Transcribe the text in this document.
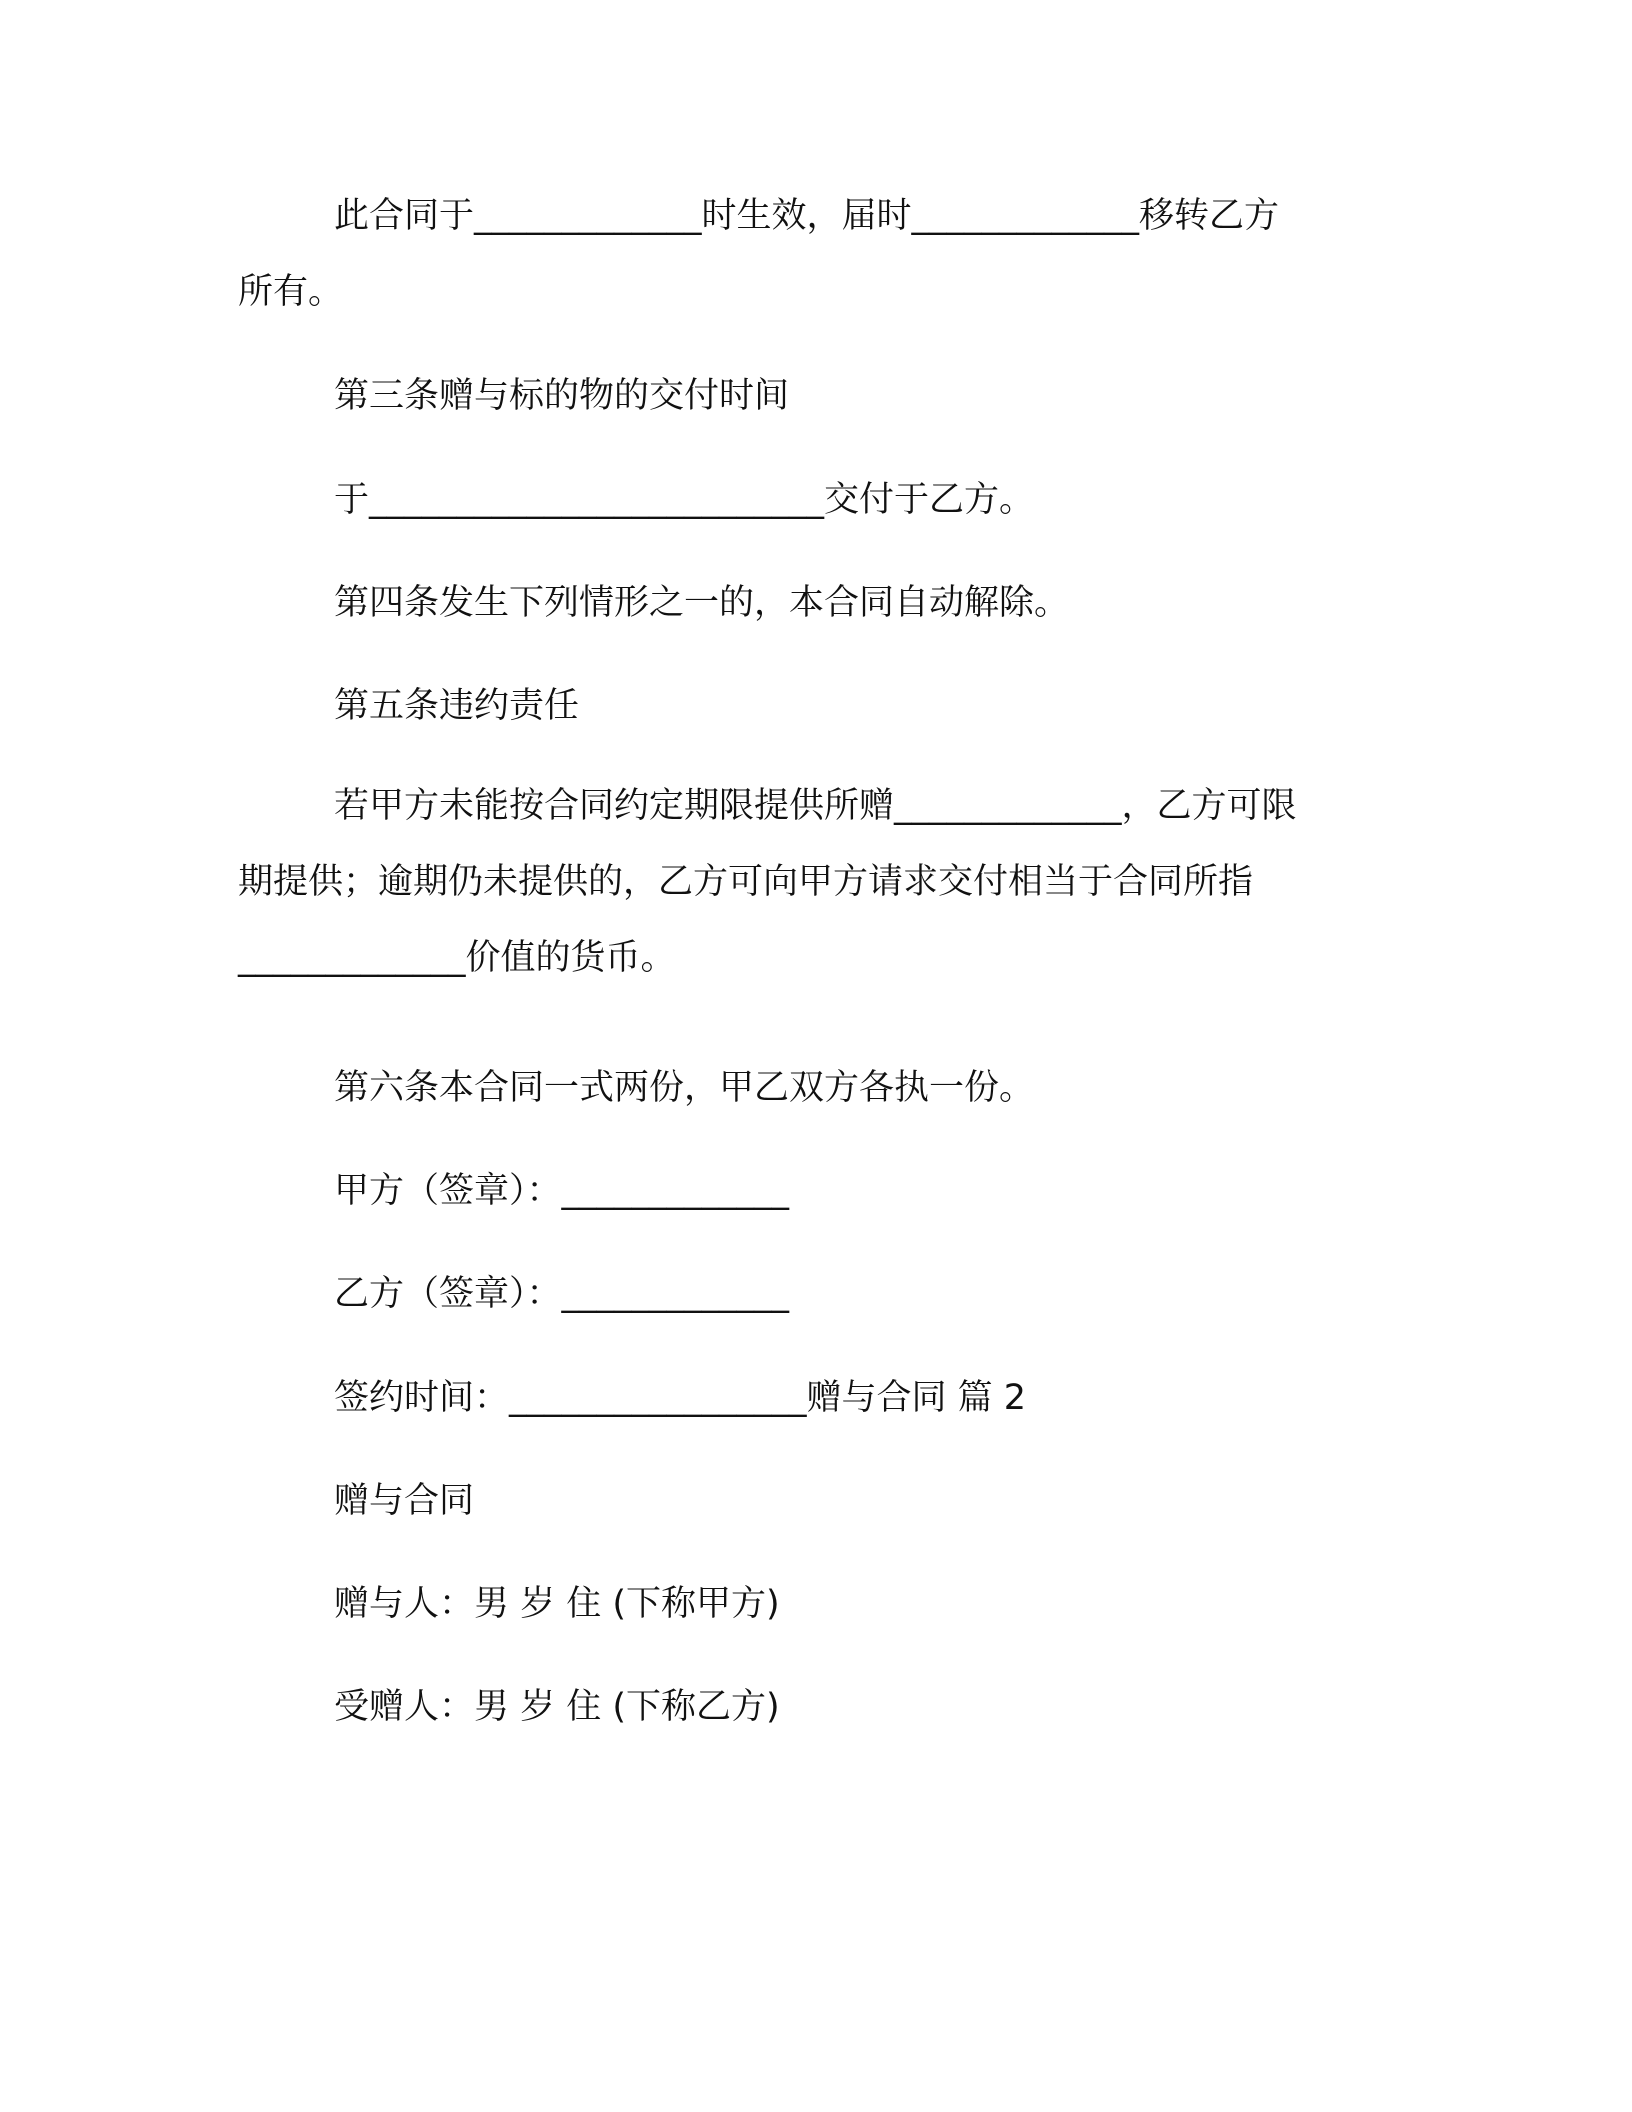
此合同于_____________时生效，届时_____________移转乙方
所有。
第三条赠与标的物的交付时间
于__________________________交付于乙方。
第四条发生下列情形之一的，本合同自动解除。
第五条违约责任
若甲方未能按合同约定期限提供所赠_____________，乙方可限
期提供；逾期仍未提供的，乙方可向甲方请求交付相当于合同所指
_____________价值的货币。
第六条本合同一式两份，甲乙双方各执一份。
甲方（签章）：_____________
乙方（签章）：_____________
签约时间：_________________赠与合同 篇 2
赠与合同
赠与人：男 岁 住 (下称甲方)
受赠人：男 岁 住 (下称乙方)
